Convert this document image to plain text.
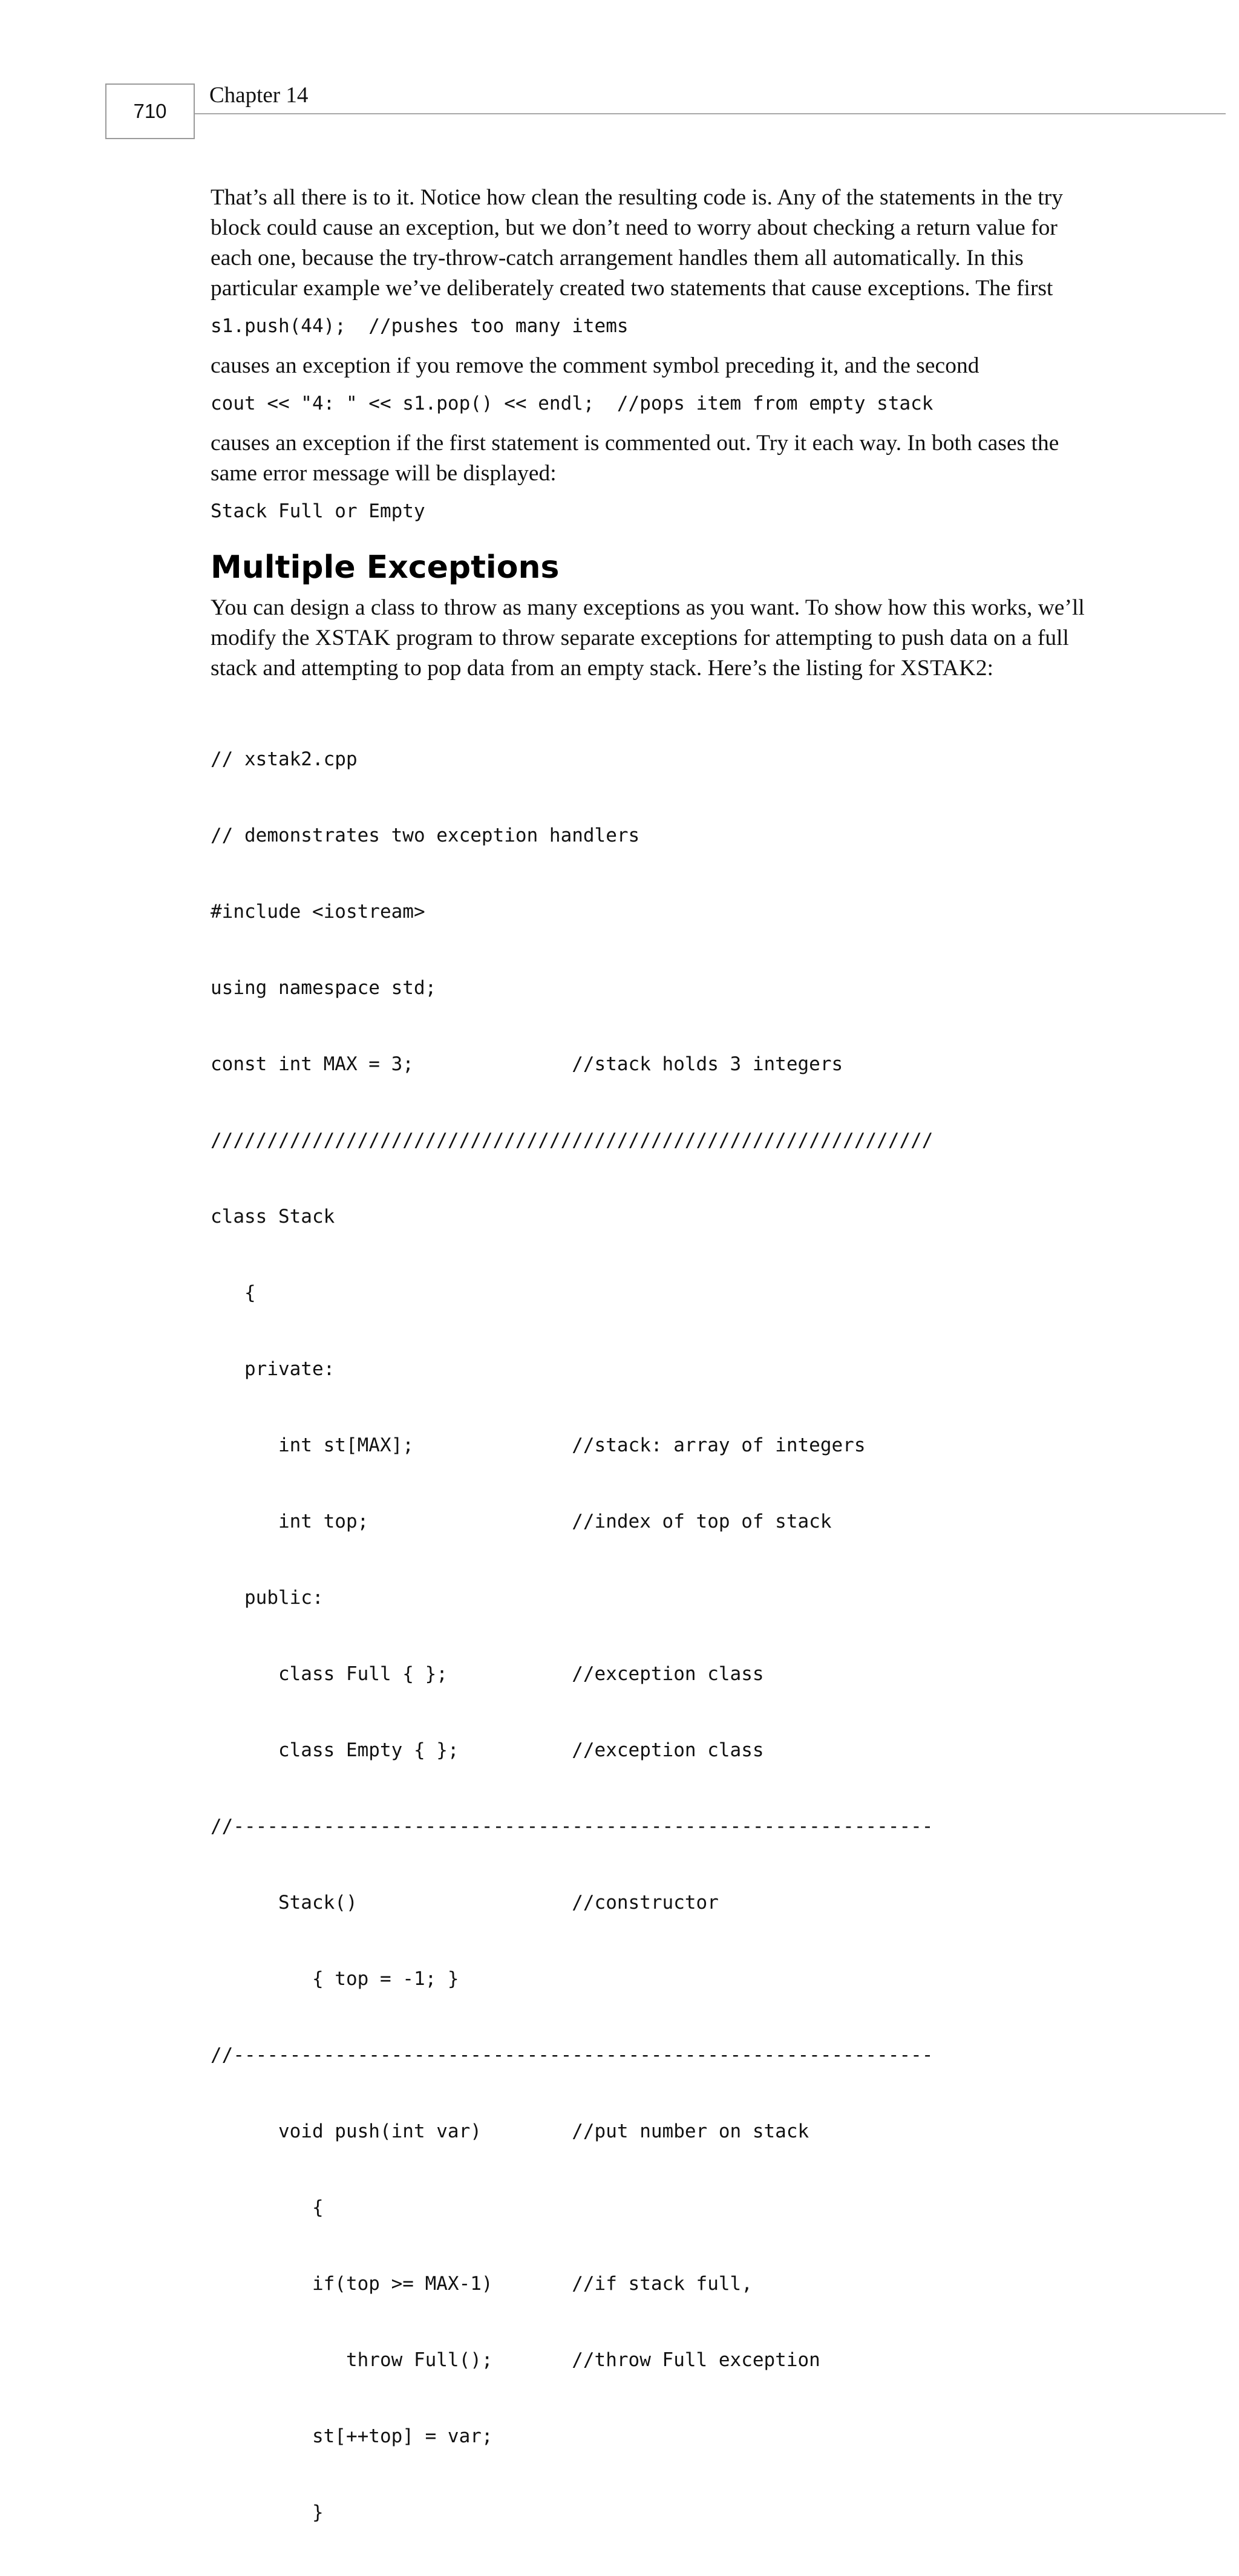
710
Chapter 14

That’s all there is to it. Notice how clean the resulting code is. Any of the statements in the try block could cause an exception, but we don’t need to worry about checking a return value for each one, because the try-throw-catch arrangement handles them all automatically. In this particular example we’ve deliberately created two statements that cause exceptions. The first

s1.push(44);  //pushes too many items

causes an exception if you remove the comment symbol preceding it, and the second

cout << "4: " << s1.pop() << endl;  //pops item from empty stack

causes an exception if the first statement is commented out. Try it each way. In both cases the same error message will be displayed:

Stack Full or Empty

Multiple Exceptions

You can design a class to throw as many exceptions as you want. To show how this works, we’ll modify the XSTAK program to throw separate exceptions for attempting to push data on a full stack and attempting to pop data from an empty stack. Here’s the listing for XSTAK2:

// xstak2.cpp

// demonstrates two exception handlers

#include <iostream>

using namespace std;

const int MAX = 3;              //stack holds 3 integers

////////////////////////////////////////////////////////////////

class Stack

{

private:

int st[MAX];              //stack: array of integers

int top;                  //index of top of stack

public:

class Full { };           //exception class

class Empty { };          //exception class

//--------------------------------------------------------------

Stack()                   //constructor

{ top = -1; }

//--------------------------------------------------------------

void push(int var)        //put number on stack

{

if(top >= MAX-1)       //if stack full,

throw Full();       //throw Full exception

st[++top] = var;

}
